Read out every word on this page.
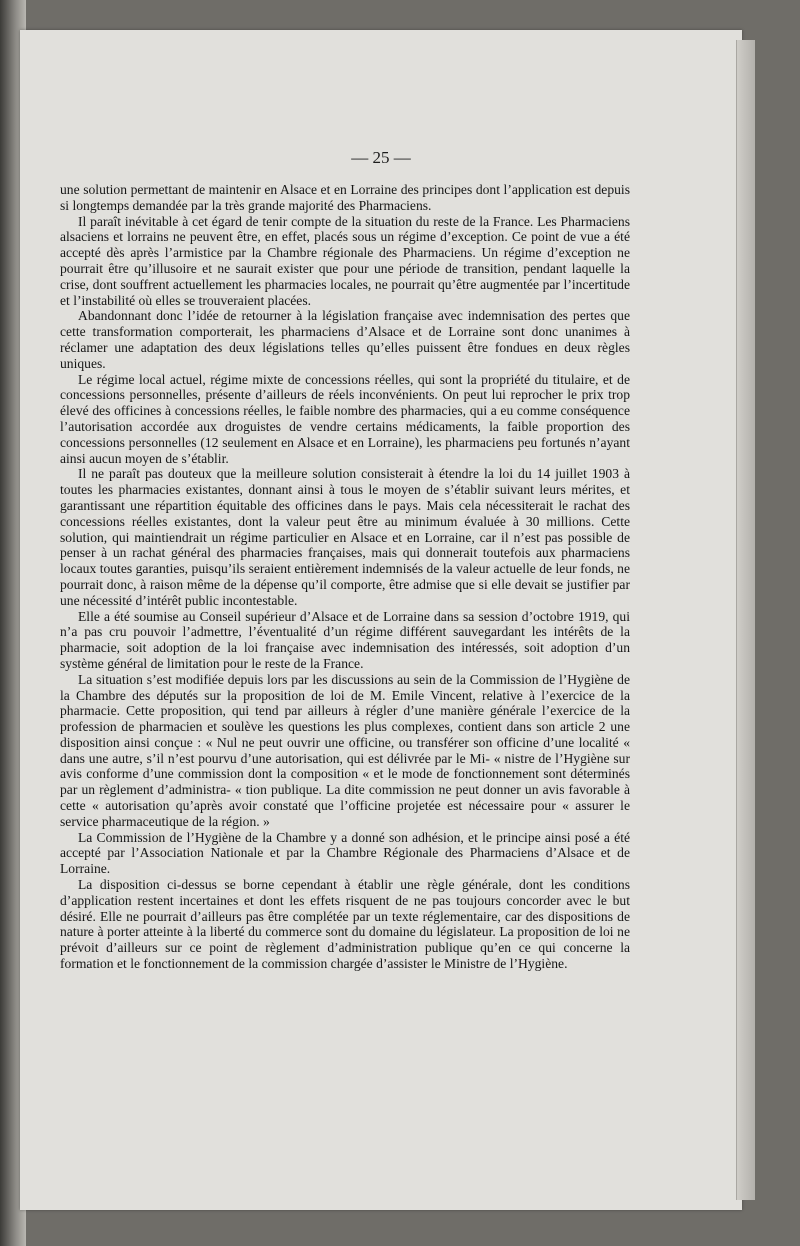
— 25 —

une solution permettant de maintenir en Alsace et en Lorraine des principes dont l’application est depuis si longtemps demandée par la très grande majorité des Pharmaciens.

Il paraît inévitable à cet égard de tenir compte de la situation du reste de la France. Les Pharmaciens alsaciens et lorrains ne peuvent être, en effet, placés sous un régime d’exception. Ce point de vue a été accepté dès après l’armistice par la Chambre régionale des Pharmaciens. Un régime d’exception ne pourrait être qu’illusoire et ne saurait exister que pour une période de transition, pendant laquelle la crise, dont souffrent actuellement les pharmacies locales, ne pourrait qu’être augmentée par l’incertitude et l’instabilité où elles se trouveraient placées.

Abandonnant donc l’idée de retourner à la législation française avec indemnisation des pertes que cette transformation comporterait, les pharmaciens d’Alsace et de Lorraine sont donc unanimes à réclamer une adaptation des deux législations telles qu’elles puissent être fondues en deux règles uniques.

Le régime local actuel, régime mixte de concessions réelles, qui sont la propriété du titulaire, et de concessions personnelles, présente d’ailleurs de réels inconvénients. On peut lui reprocher le prix trop élevé des officines à concessions réelles, le faible nombre des pharmacies, qui a eu comme conséquence l’autorisation accordée aux droguistes de vendre certains médicaments, la faible proportion des concessions personnelles (12 seulement en Alsace et en Lorraine), les pharmaciens peu fortunés n’ayant ainsi aucun moyen de s’établir.

Il ne paraît pas douteux que la meilleure solution consisterait à étendre la loi du 14 juillet 1903 à toutes les pharmacies existantes, donnant ainsi à tous le moyen de s’établir suivant leurs mérites, et garantissant une répartition équitable des officines dans le pays. Mais cela nécessiterait le rachat des concessions réelles existantes, dont la valeur peut être au minimum évaluée à 30 millions. Cette solution, qui maintiendrait un régime particulier en Alsace et en Lorraine, car il n’est pas possible de penser à un rachat général des pharmacies françaises, mais qui donnerait toutefois aux pharmaciens locaux toutes garanties, puisqu’ils seraient entièrement indemnisés de la valeur actuelle de leur fonds, ne pourrait donc, à raison même de la dépense qu’il comporte, être admise que si elle devait se justifier par une nécessité d’intérêt public incontestable.

Elle a été soumise au Conseil supérieur d’Alsace et de Lorraine dans sa session d’octobre 1919, qui n’a pas cru pouvoir l’admettre, l’éventualité d’un régime différent sauvegardant les intérêts de la pharmacie, soit adoption de la loi française avec indemnisation des intéressés, soit adoption d’un système général de limitation pour le reste de la France.

La situation s’est modifiée depuis lors par les discussions au sein de la Commission de l’Hygiène de la Chambre des députés sur la proposition de loi de M. Emile Vincent, relative à l’exercice de la pharmacie. Cette proposition, qui tend par ailleurs à régler d’une manière générale l’exercice de la profession de pharmacien et soulève les questions les plus complexes, contient dans son article 2 une disposition ainsi conçue : « Nul ne peut ouvrir une officine, ou transférer son officine d’une localité « dans une autre, s’il n’est pourvu d’une autorisation, qui est délivrée par le Mi- « nistre de l’Hygiène sur avis conforme d’une commission dont la composition « et le mode de fonctionnement sont déterminés par un règlement d’administra- « tion publique. La dite commission ne peut donner un avis favorable à cette « autorisation qu’après avoir constaté que l’officine projetée est nécessaire pour « assurer le service pharmaceutique de la région. »

La Commission de l’Hygiène de la Chambre y a donné son adhésion, et le principe ainsi posé a été accepté par l’Association Nationale et par la Chambre Régionale des Pharmaciens d’Alsace et de Lorraine.

La disposition ci-dessus se borne cependant à établir une règle générale, dont les conditions d’application restent incertaines et dont les effets risquent de ne pas toujours concorder avec le but désiré. Elle ne pourrait d’ailleurs pas être complétée par un texte réglementaire, car des dispositions de nature à porter atteinte à la liberté du commerce sont du domaine du législateur. La proposition de loi ne prévoit d’ailleurs sur ce point de règlement d’administration publique qu’en ce qui concerne la formation et le fonctionnement de la commission chargée d’assister le Ministre de l’Hygiène.
